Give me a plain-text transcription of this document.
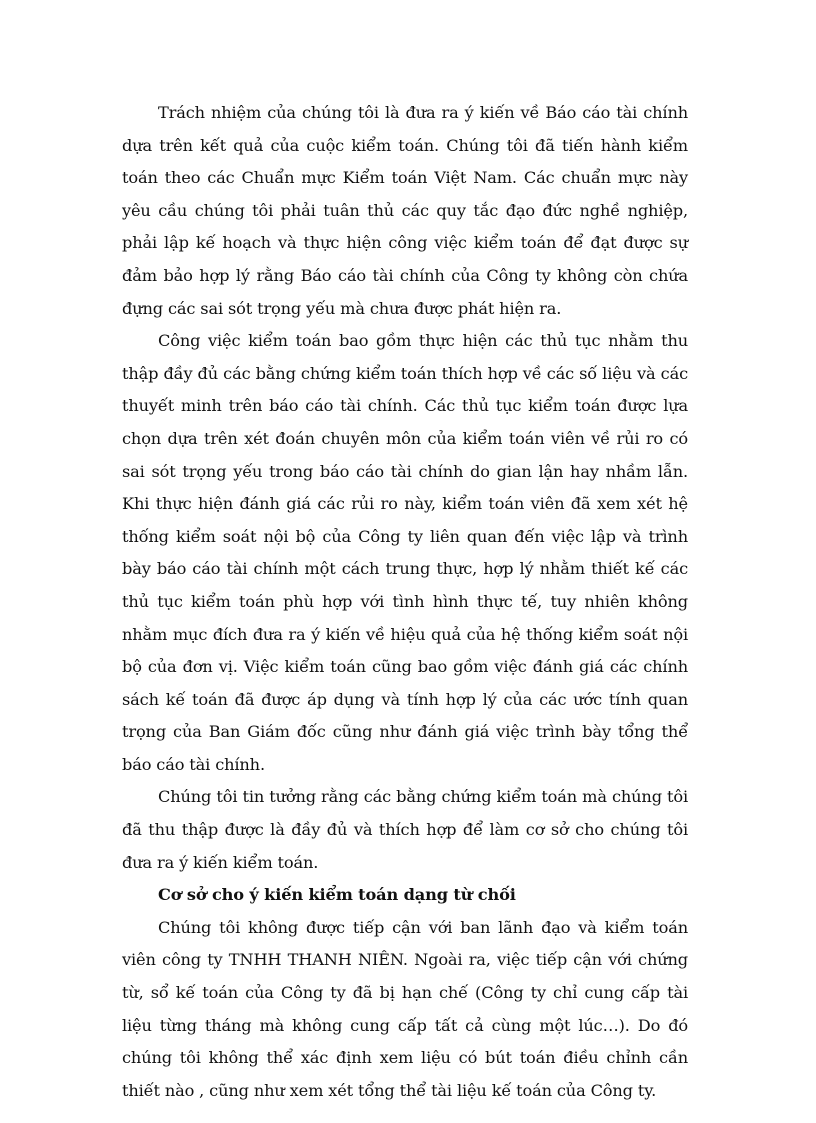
Trách nhiệm của chúng tôi là đưa ra ý kiến về Báo cáo tài chính dựa trên kết quả của cuộc kiểm toán. Chúng tôi đã tiến hành kiểm toán theo các Chuẩn mực Kiểm toán Việt Nam. Các chuẩn mực này yêu cầu chúng tôi phải tuân thủ các quy tắc đạo đức nghề nghiệp, phải lập kế hoạch và thực hiện công việc kiểm toán để đạt được sự đảm bảo hợp lý rằng Báo cáo tài chính của Công ty không còn chứa đựng các sai sót trọng yếu mà chưa được phát hiện ra.

Công việc kiểm toán bao gồm thực hiện các thủ tục nhằm thu thập đầy đủ các bằng chứng kiểm toán thích hợp về các số liệu và các thuyết minh trên báo cáo tài chính. Các thủ tục kiểm toán được lựa chọn dựa trên xét đoán chuyên môn của kiểm toán viên về rủi ro có sai sót trọng yếu trong báo cáo tài chính do gian lận hay nhầm lẫn. Khi thực hiện đánh giá các rủi ro này, kiểm toán viên đã xem xét hệ thống kiểm soát nội bộ của Công ty liên quan đến việc lập và trình bày báo cáo tài chính một cách trung thực, hợp lý nhằm thiết kế các thủ tục kiểm toán phù hợp với tình hình thực tế, tuy nhiên không nhằm mục đích đưa ra ý kiến về hiệu quả của hệ thống kiểm soát nội bộ của đơn vị. Việc kiểm toán cũng bao gồm việc đánh giá các chính sách kế toán đã được áp dụng và tính hợp lý của các ước tính quan trọng của Ban Giám đốc cũng như đánh giá việc trình bày tổng thể báo cáo tài chính.

Chúng tôi tin tưởng rằng các bằng chứng kiểm toán mà chúng tôi đã thu thập được là đầy đủ và thích hợp để làm cơ sở cho chúng tôi đưa ra ý kiến kiểm toán.

Cơ sở cho ý kiến kiểm toán dạng từ chối

Chúng tôi không được tiếp cận với ban lãnh đạo và kiểm toán viên công ty TNHH THANH NIÊN. Ngoài ra, việc tiếp cận với chứng từ, sổ kế toán của Công ty đã bị hạn chế (Công ty chỉ cung cấp tài liệu từng tháng mà không cung cấp tất cả cùng một lúc…). Do đó chúng tôi không thể xác định xem liệu có bút toán điều chỉnh cần thiết nào , cũng như xem xét tổng thể tài liệu kế toán của Công ty.
